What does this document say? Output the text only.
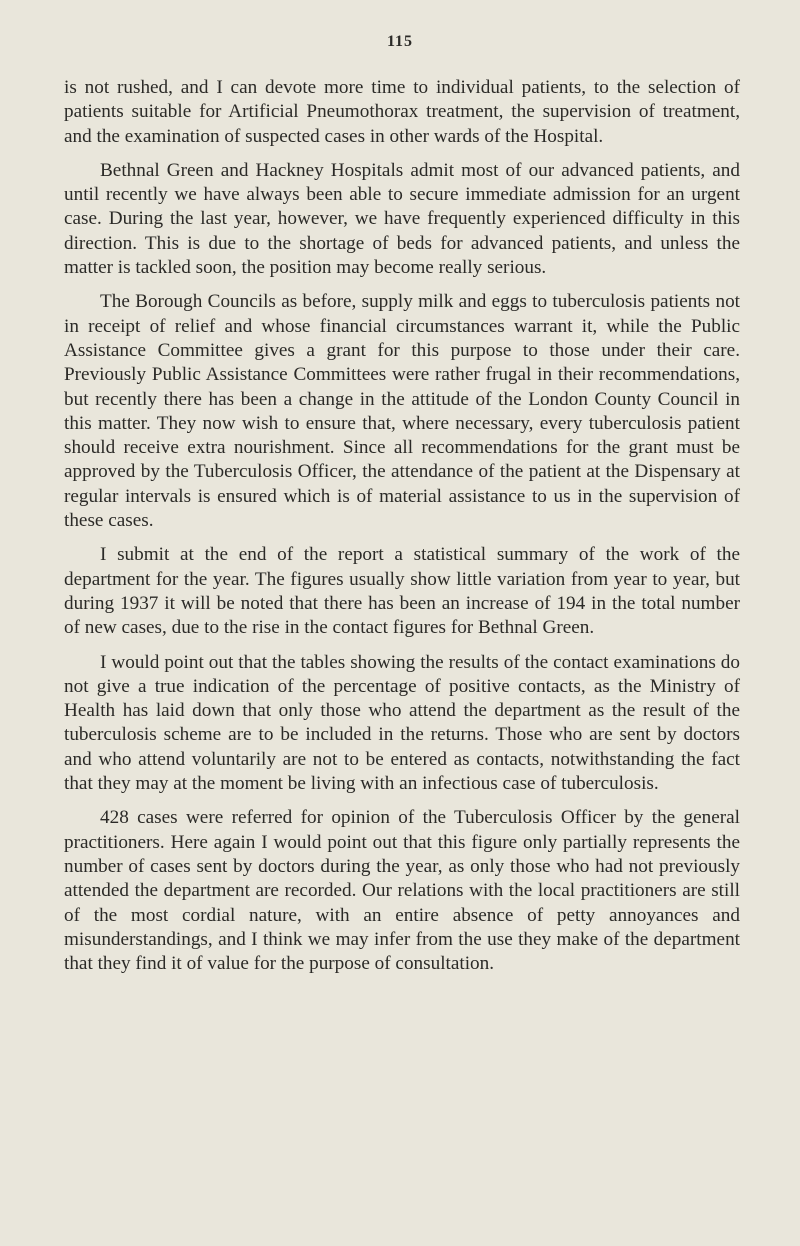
115

is not rushed, and I can devote more time to individual patients, to the selection of patients suitable for Artificial Pneumothorax treatment, the supervision of treatment, and the examination of suspected cases in other wards of the Hospital.

Bethnal Green and Hackney Hospitals admit most of our advanced patients, and until recently we have always been able to secure immediate admission for an urgent case. During the last year, however, we have frequently experienced difficulty in this direction. This is due to the shortage of beds for advanced patients, and unless the matter is tackled soon, the position may become really serious.

The Borough Councils as before, supply milk and eggs to tuberculosis patients not in receipt of relief and whose financial circumstances warrant it, while the Public Assistance Committee gives a grant for this purpose to those under their care. Previously Public Assistance Committees were rather frugal in their recommendations, but recently there has been a change in the attitude of the London County Council in this matter. They now wish to ensure that, where necessary, every tuberculosis patient should receive extra nourishment. Since all recommendations for the grant must be approved by the Tuberculosis Officer, the attendance of the patient at the Dispensary at regular intervals is ensured which is of material assistance to us in the supervision of these cases.

I submit at the end of the report a statistical summary of the work of the department for the year. The figures usually show little variation from year to year, but during 1937 it will be noted that there has been an increase of 194 in the total number of new cases, due to the rise in the contact figures for Bethnal Green.

I would point out that the tables showing the results of the contact examinations do not give a true indication of the percentage of positive contacts, as the Ministry of Health has laid down that only those who attend the department as the result of the tuberculosis scheme are to be included in the returns. Those who are sent by doctors and who attend voluntarily are not to be entered as contacts, notwithstanding the fact that they may at the moment be living with an infectious case of tuberculosis.

428 cases were referred for opinion of the Tuberculosis Officer by the general practitioners. Here again I would point out that this figure only partially represents the number of cases sent by doctors during the year, as only those who had not previously attended the department are recorded. Our relations with the local practitioners are still of the most cordial nature, with an entire absence of petty annoyances and misunderstandings, and I think we may infer from the use they make of the department that they find it of value for the purpose of consultation.
